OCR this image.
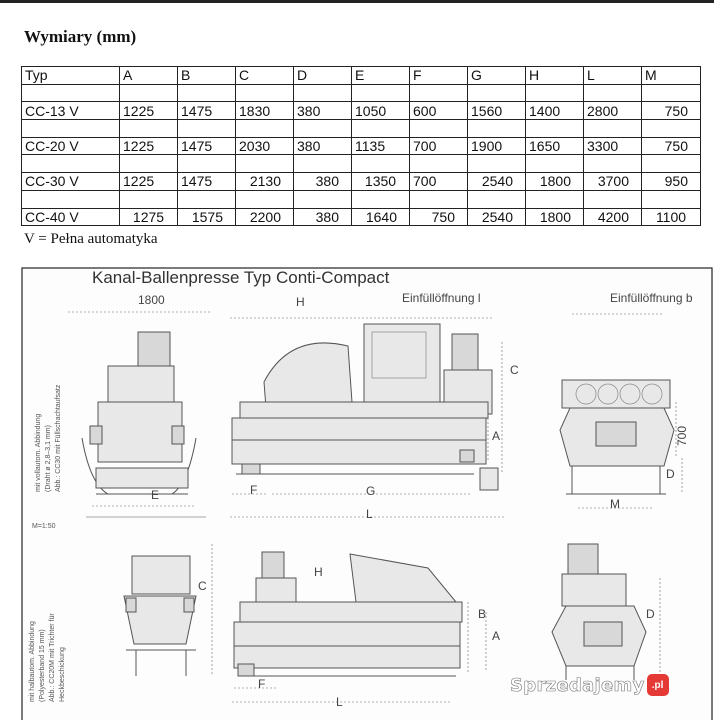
Wymiary (mm)
Typ	A	B	C	D	E	F	G	H	L	M

CC-13 V	1225	1475	1830	380	1050	600	1560	1400	2800	750

CC-20 V	1225	1475	2030	380	1135	700	1900	1650	3300	750

CC-30 V	1225	1475	2130	380	1350	700	2540	1800	3700	950

CC-40 V	1275	1575	2200	380	1640	750	2540	1800	4200	1100
V = Pełna automatyka
Kanal-Ballenpresse Typ Conti-Compact
1800
E
H	Einfüllöffnung l
F	G
L
C
A
Einfüllöffnung b
700
D
M
mit vollautom. Abbindung (Draht ø 2,8–3,1 mm) Abb.: CC30 mit Füllschachtaufsatz
M=1:50
mit halbautom. Abbindung (Polyesterband 15 mm) Abb.: CC20M mit Trichter für Heckbeschickung
C
H
B
A
F
L
D
Sprzedajemy .pl
